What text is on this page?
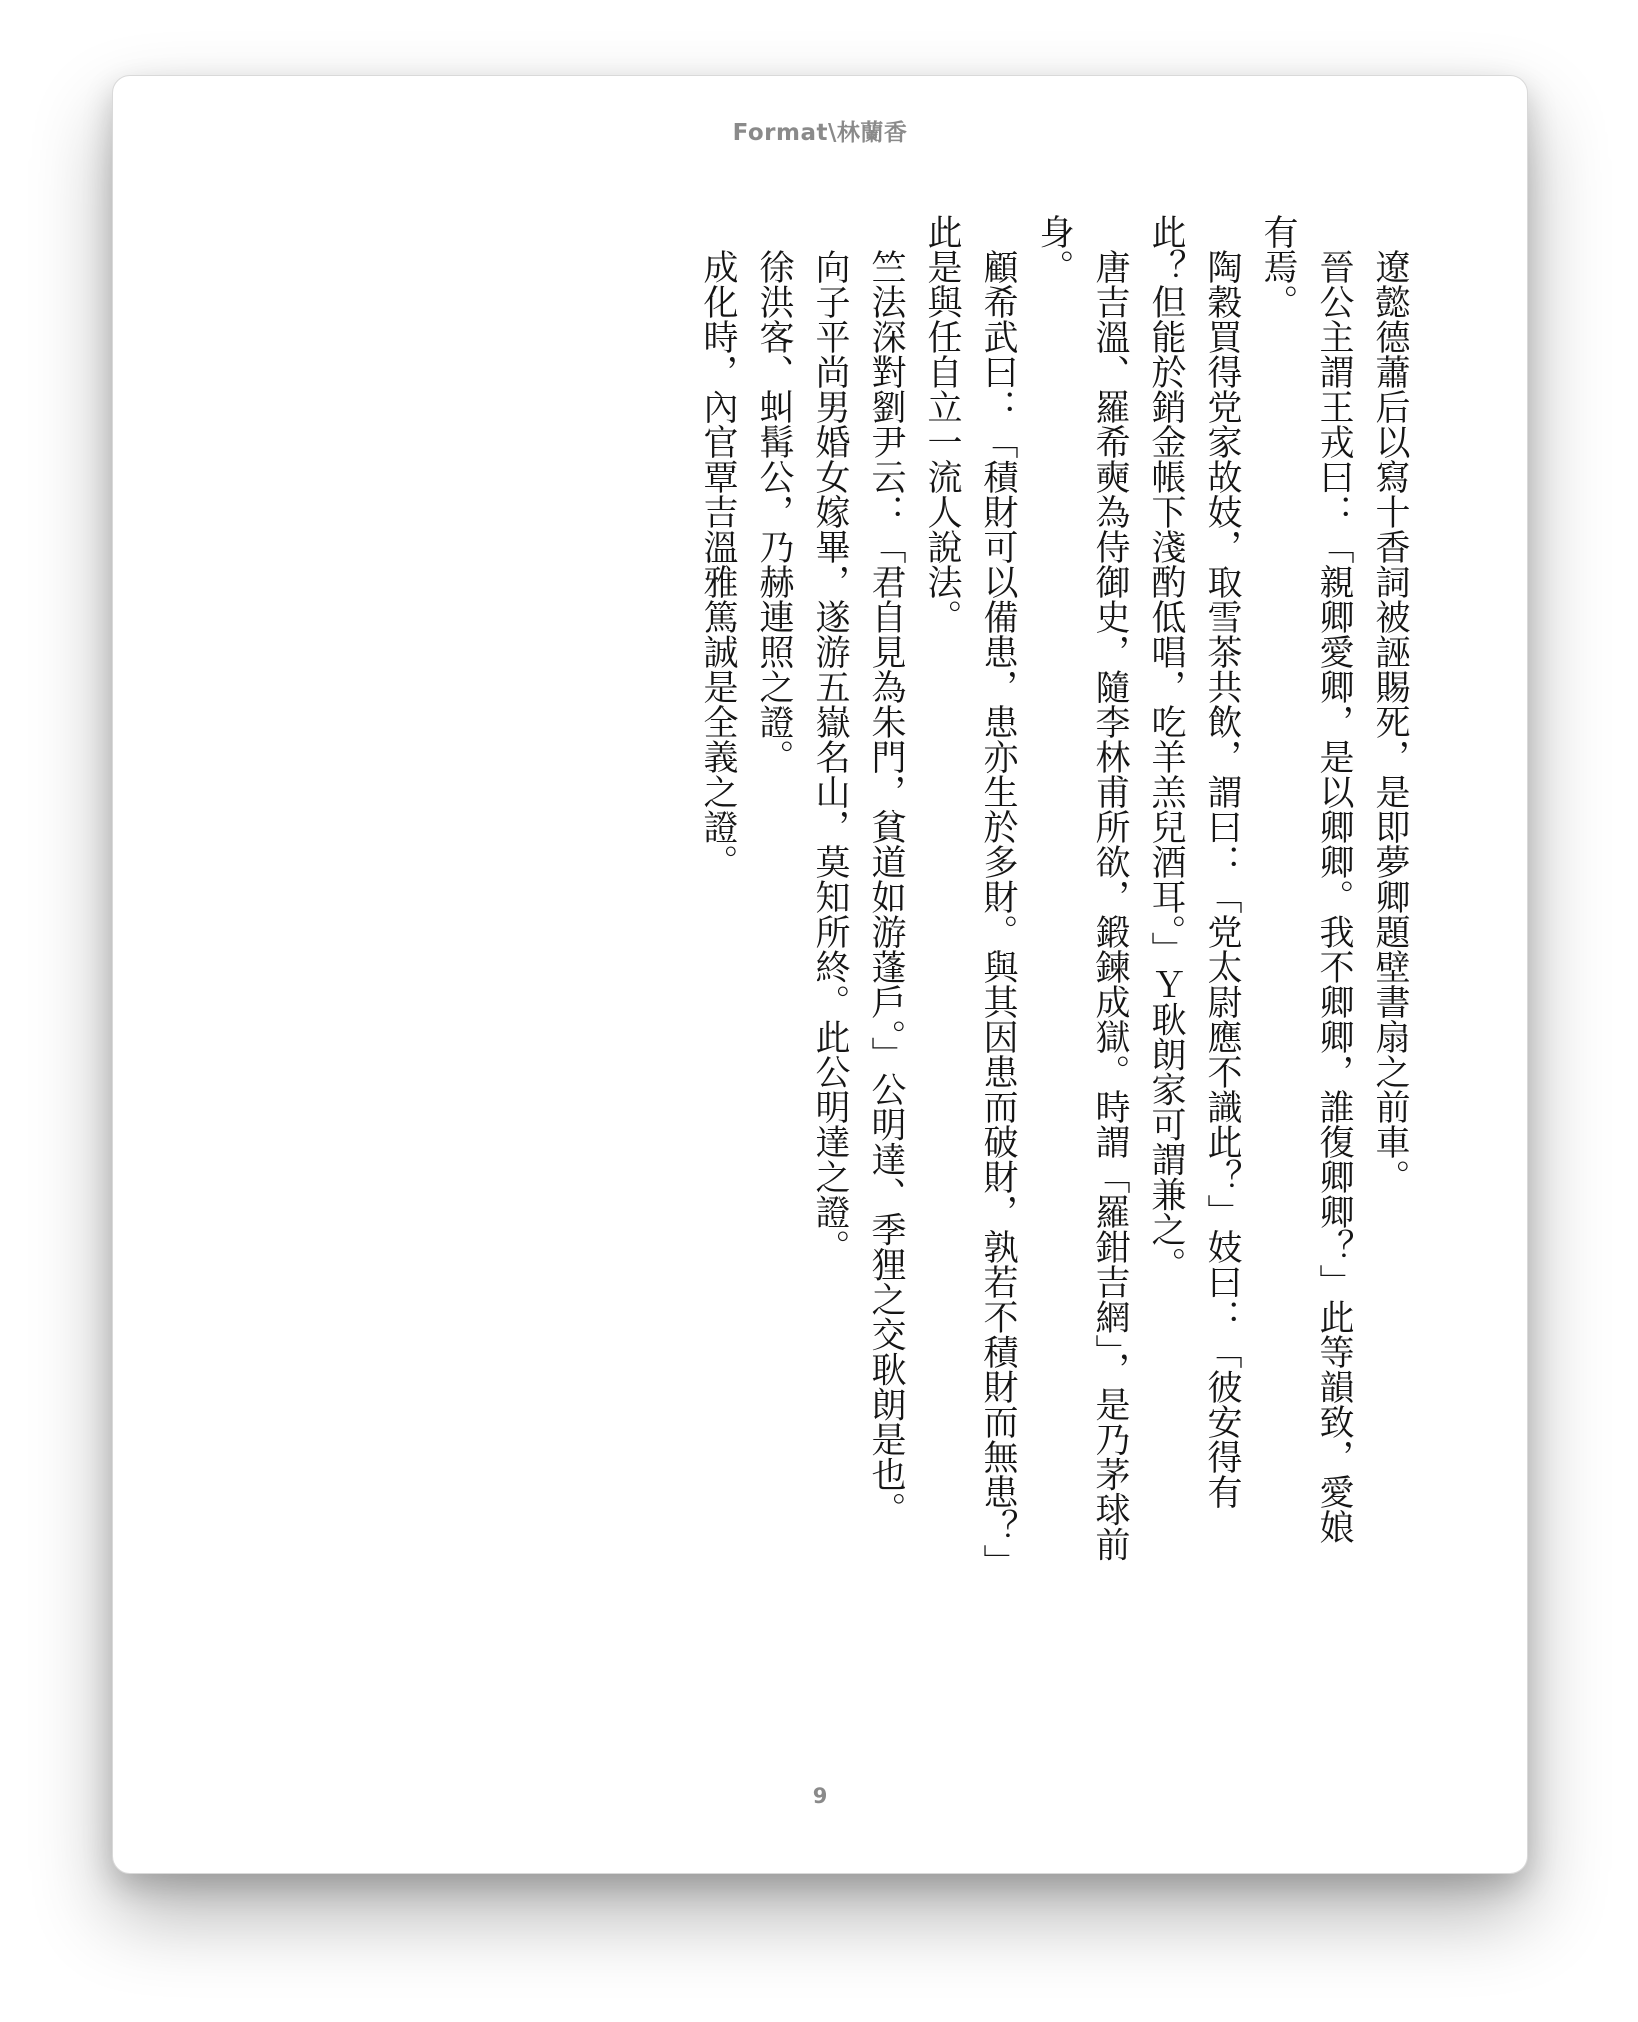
Format\林蘭香

遼懿德蕭后以寫十香詞被誣賜死，是即夢卿題壁書扇之前車。

晉公主謂王戎曰：「親卿愛卿，是以卿卿。我不卿卿，誰復卿卿？」此等韻致，愛娘有焉。

陶穀買得党家故妓，取雪茶共飲，謂曰：「党太尉應不識此？」妓曰：「彼安得有此？但能於銷金帳下淺酌低唱，吃羊羔兒酒耳。」Ｙ耿朗家可謂兼之。

唐吉溫、羅希奭為侍御史，隨李林甫所欲，鍛鍊成獄。時謂「羅鉗吉網」，是乃茅球前身。

顧希武曰：「積財可以備患，患亦生於多財。與其因患而破財，孰若不積財而無患？」此是與任自立一流人說法。

竺法深對劉尹云：「君自見為朱門，貧道如游蓬戶。」公明達、季狸之交耿朗是也。

向子平尚男婚女嫁畢，遂游五嶽名山，莫知所終。此公明達之證。

徐洪客、虯髯公，乃赫連照之證。

成化時，內官覃吉溫雅篤誠是全義之證。

9
